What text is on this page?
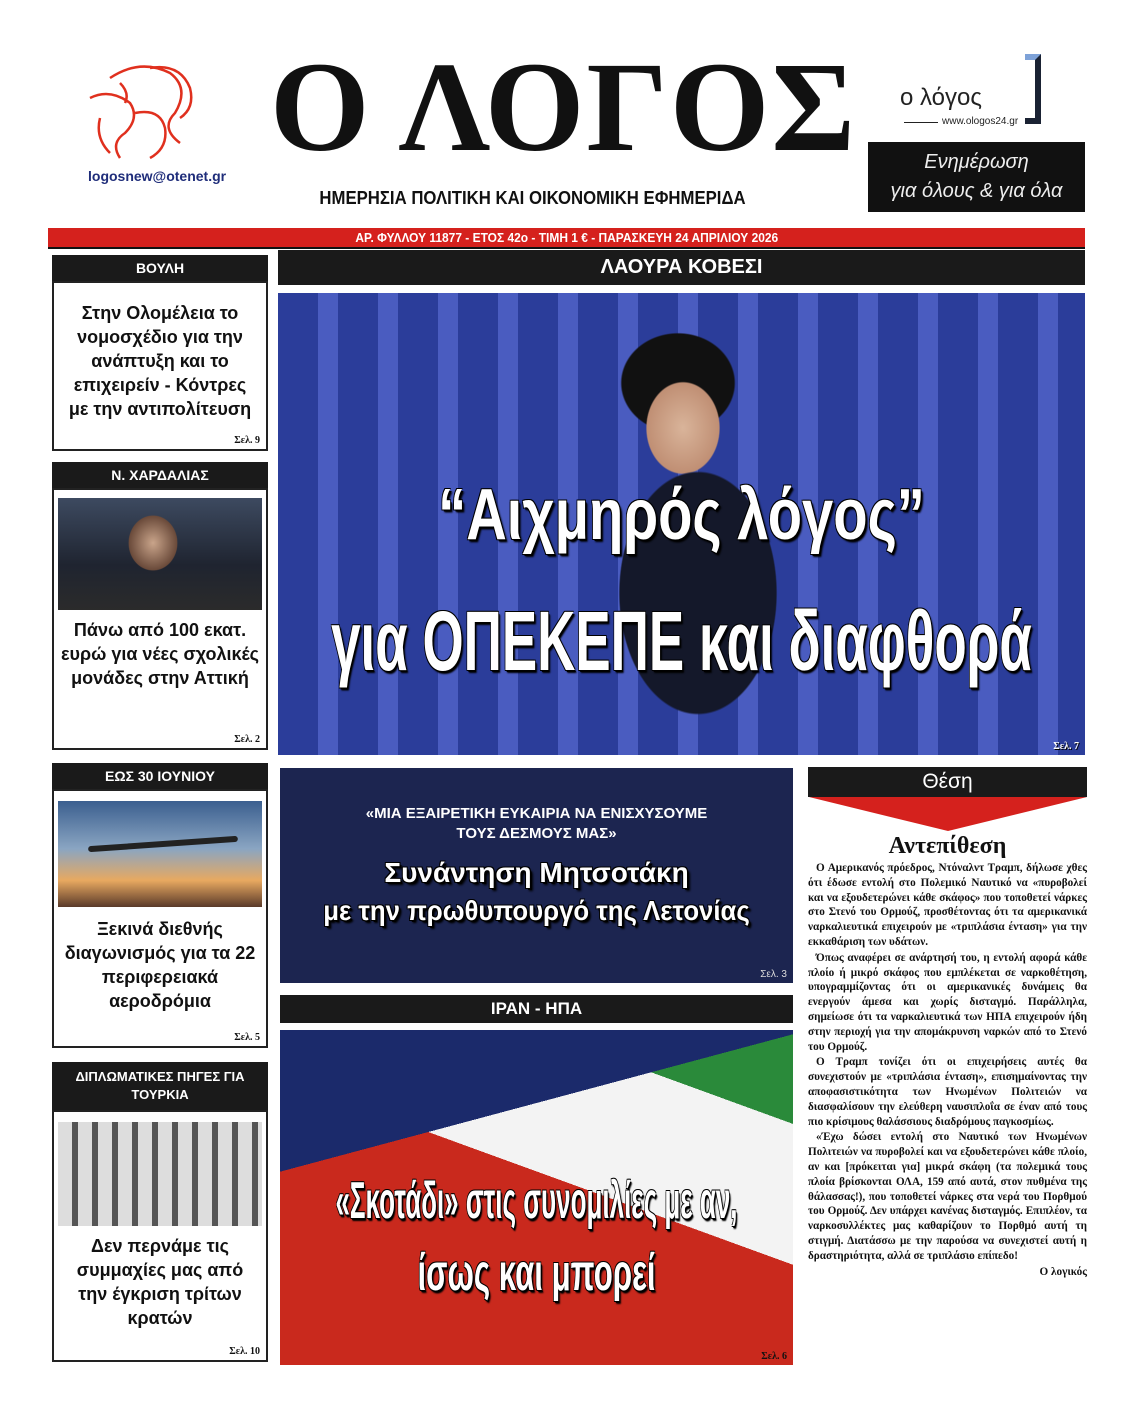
logosnew@otenet.gr Ο ΛΟΓΟΣ
ΗΜΕΡΗΣΙΑ ΠΟΛΙΤΙΚΗ ΚΑΙ ΟΙΚΟΝΟΜΙΚΗ ΕΦΗΜΕΡΙΔΑ
ο λόγος
www.ologos24.gr
Ενημέρωση
για όλους & για όλα
ΑΡ. ΦΥΛΛΟΥ 11877 - ΕΤΟΣ 42ο - ΤΙΜΗ 1 € - ΠΑΡΑΣΚΕΥΗ 24 ΑΠΡΙΛΙΟΥ 2026
ΒΟΥΛΗ
Στην Ολομέλεια το νομοσχέδιο για την ανάπτυξη και το επιχειρείν - Κόντρες με την αντιπολίτευση
Σελ. 9
Ν. ΧΑΡΔΑΛΙΑΣ
Πάνω από 100 εκατ. ευρώ για νέες σχολικές μονάδες στην Αττική
Σελ. 2
ΕΩΣ 30 ΙΟΥΝΙΟΥ
Ξεκινά διεθνής διαγωνισμός για τα 22 περιφερειακά αεροδρόμια
Σελ. 5
ΔΙΠΛΩΜΑΤΙΚΕΣ ΠΗΓΕΣ ΓΙΑ ΤΟΥΡΚΙΑ
Δεν περνάμε τις συμμαχίες μας από την έγκριση τρίτων κρατών
Σελ. 10
ΛΑΟΥΡΑ ΚΟΒΕΣΙ
“Αιχμηρός λόγος”
για ΟΠΕΚΕΠΕ και διαφθορά
Σελ. 7
«ΜΙΑ ΕΞΑΙΡΕΤΙΚΗ ΕΥΚΑΙΡΙΑ ΝΑ ΕΝΙΣΧΥΣΟΥΜΕ ΤΟΥΣ ΔΕΣΜΟΥΣ ΜΑΣ»
Συνάντηση Μητσοτάκη
με την πρωθυπουργό της Λετονίας
Σελ. 3
ΙΡΑΝ - ΗΠΑ
«Σκοτάδι» στις συνομιλίες με αν,
ίσως και μπορεί
Σελ. 6
Θέση
Αντεπίθεση

Ο Αμερικανός πρόεδρος, Ντόναλντ Τραμπ, δήλωσε χθες ότι έδωσε εντολή στο Πολεμικό Ναυτικό να «πυροβολεί και να εξουδετερώνει κάθε σκάφος» που τοποθετεί νάρκες στο Στενό του Ορμούζ, προσθέτοντας ότι τα αμερικανικά ναρκαλιευτικά επιχειρούν με «τριπλάσια ένταση» για την εκκαθάριση των υδάτων.

Όπως αναφέρει σε ανάρτησή του, η εντολή αφορά κάθε πλοίο ή μικρό σκάφος που εμπλέκεται σε ναρκοθέτηση, υπογραμμίζοντας ότι οι αμερικανικές δυνάμεις θα ενεργούν άμεσα και χωρίς δισταγμό. Παράλληλα, σημείωσε ότι τα ναρκαλιευτικά των ΗΠΑ επιχειρούν ήδη στην περιοχή για την απομάκρυνση ναρκών από το Στενό του Ορμούζ.

Ο Τραμπ τονίζει ότι οι επιχειρήσεις αυτές θα συνεχιστούν με «τριπλάσια ένταση», επισημαίνοντας την αποφασιστικότητα των Ηνωμένων Πολιτειών να διασφαλίσουν την ελεύθερη ναυσιπλοΐα σε έναν από τους πιο κρίσιμους θαλάσσιους διαδρόμους παγκοσμίως.

«Έχω δώσει εντολή στο Ναυτικό των Ηνωμένων Πολιτειών να πυροβολεί και να εξουδετερώνει κάθε πλοίο, αν και [πρόκειται για] μικρά σκάφη (τα πολεμικά τους πλοία βρίσκονται ΟΛΑ, 159 από αυτά, στον πυθμένα της θάλασσας!), που τοποθετεί νάρκες στα νερά του Πορθμού του Ορμούζ. Δεν υπάρχει κανένας δισταγμός. Επιπλέον, τα ναρκοσυλλέκτες μας καθαρίζουν το Πορθμό αυτή τη στιγμή. Διατάσσω με την παρούσα να συνεχιστεί αυτή η δραστηριότητα, αλλά σε τριπλάσιο επίπεδο!

Ο λογικός
